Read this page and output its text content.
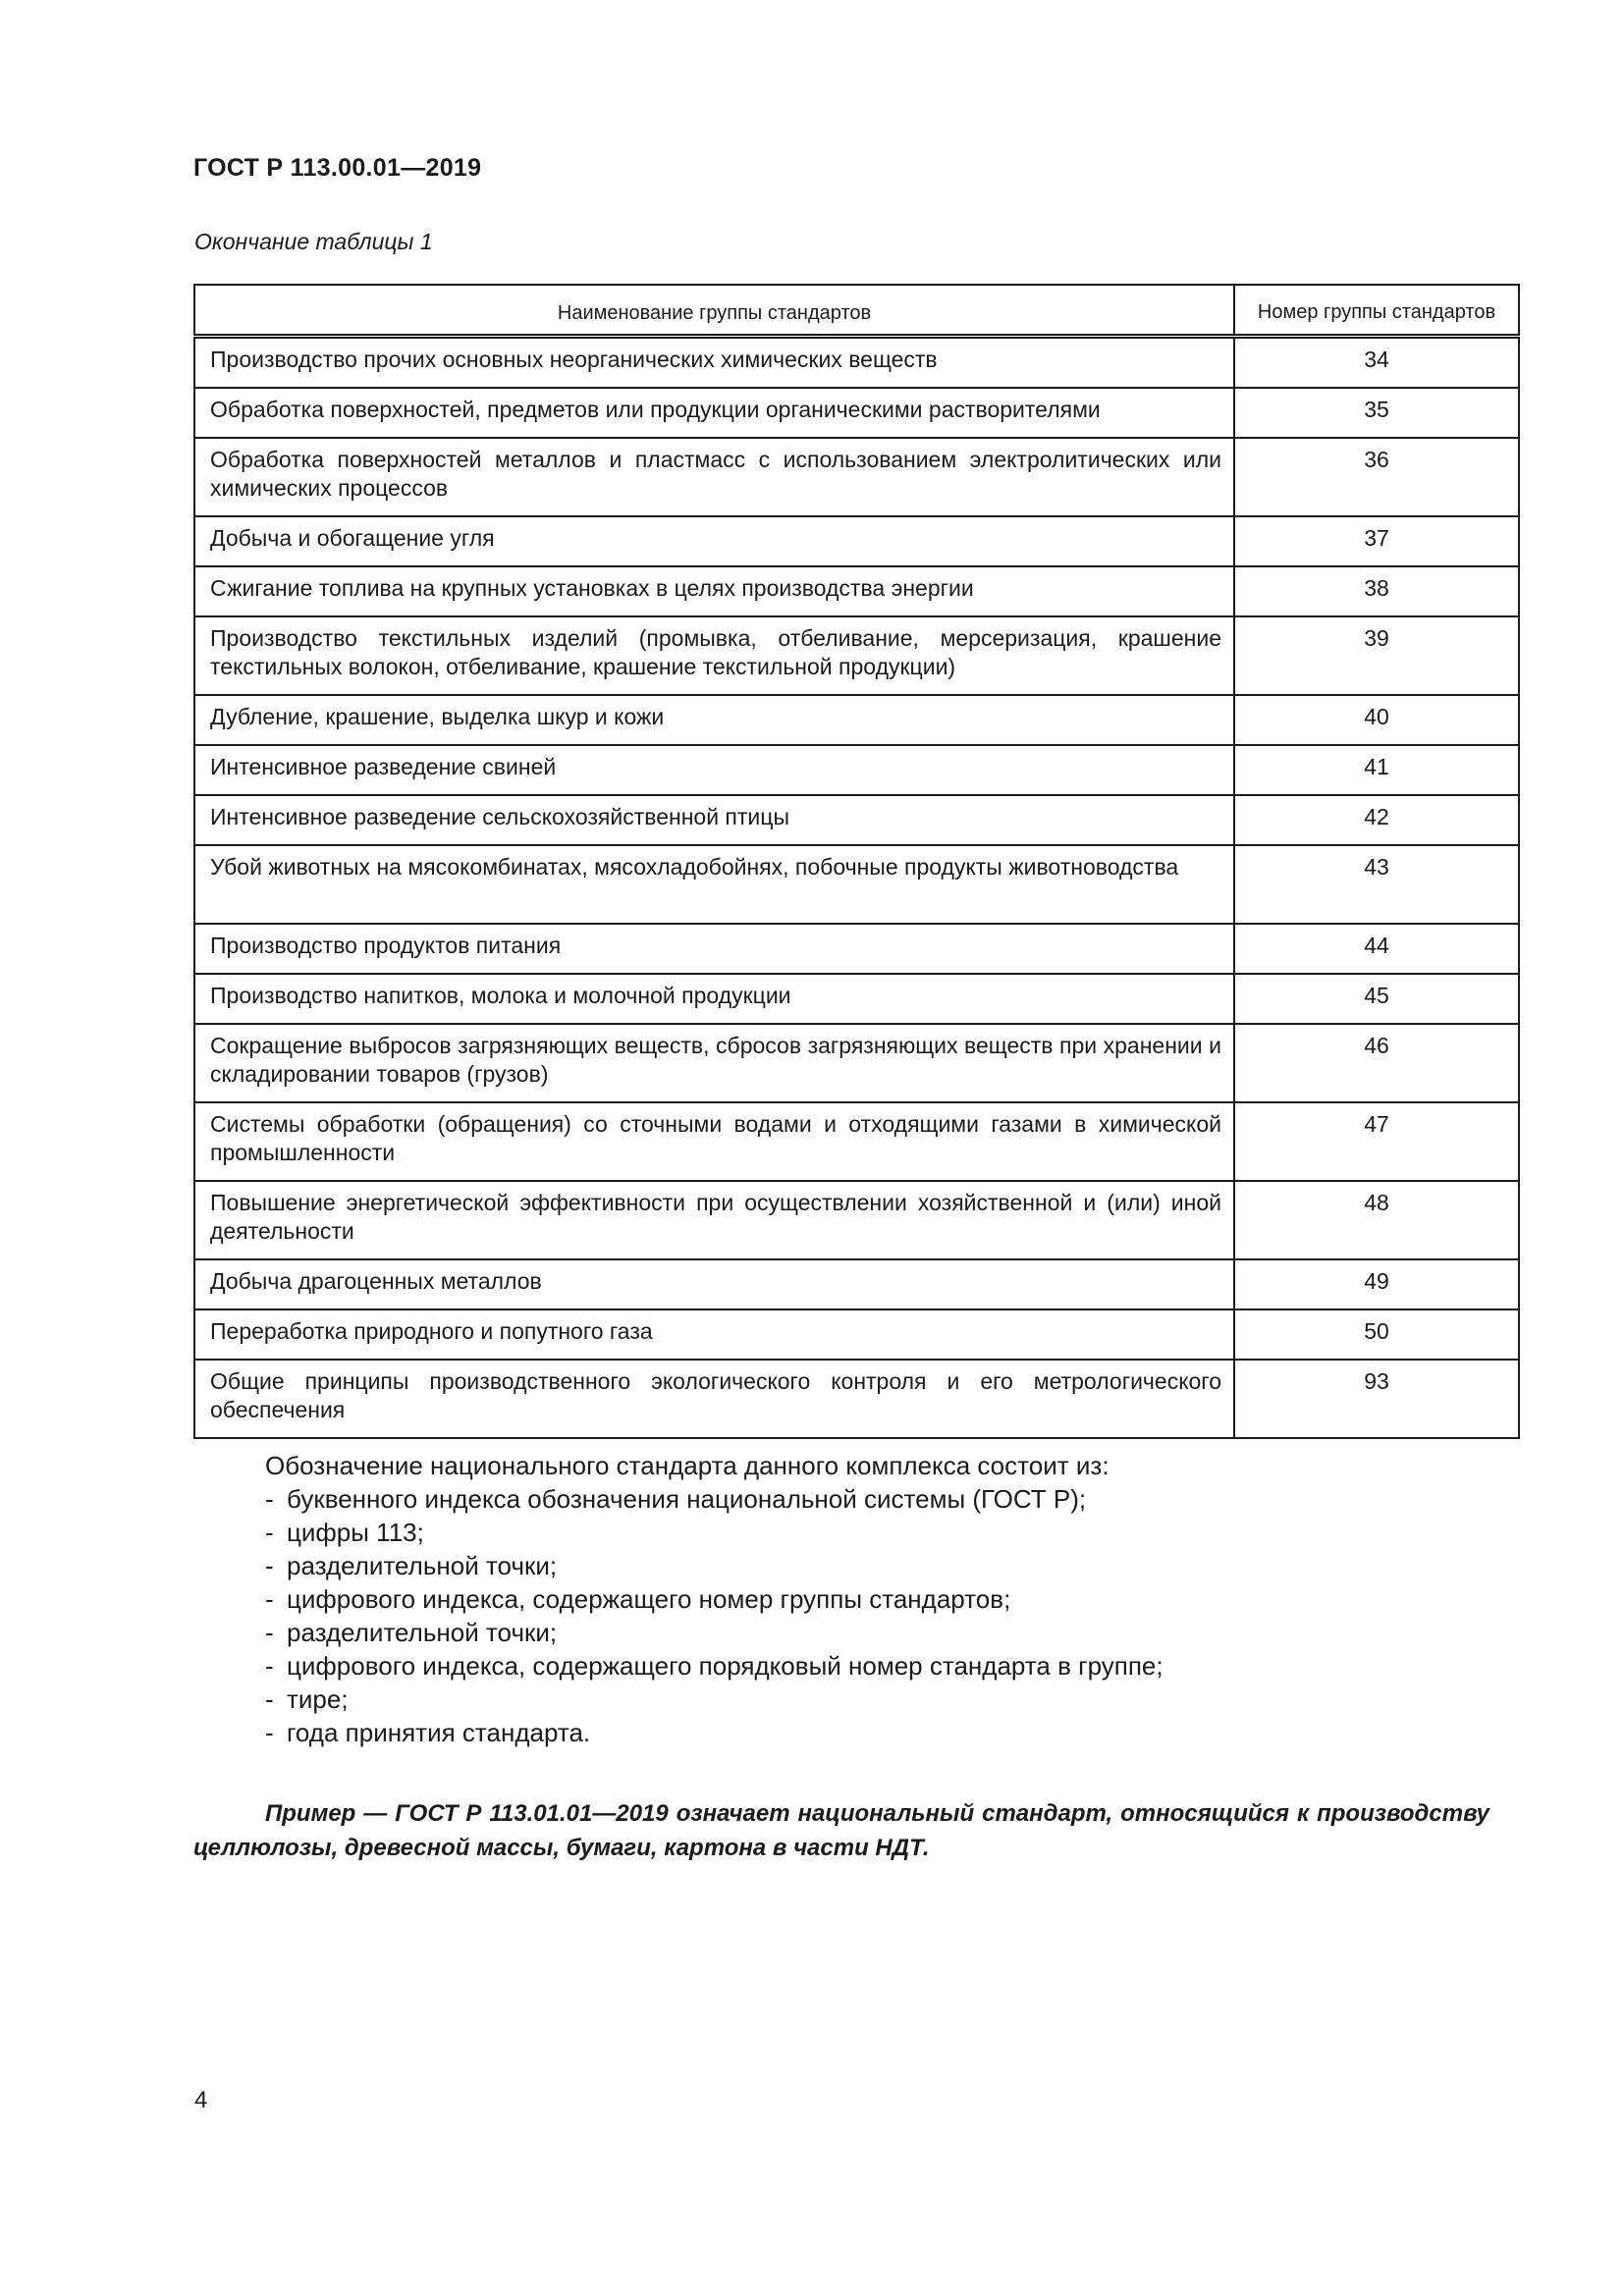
ГОСТ Р 113.00.01—2019
Окончание таблицы 1
Наименование группы стандартов	Номер группы стандартов
Производство прочих основных неорганических химических веществ	34
Обработка поверхностей, предметов или продукции органическими растворителями	35
Обработка поверхностей металлов и пластмасс с использованием электролитических или химических процессов	36
Добыча и обогащение угля	37
Сжигание топлива на крупных установках в целях производства энергии	38
Производство текстильных изделий (промывка, отбеливание, мерсеризация, крашение текстильных волокон, отбеливание, крашение текстильной продукции)	39
Дубление, крашение, выделка шкур и кожи	40
Интенсивное разведение свиней	41
Интенсивное разведение сельскохозяйственной птицы	42
Убой животных на мясокомбинатах, мясохладобойнях, побочные продукты животноводства	43
Производство продуктов питания	44
Производство напитков, молока и молочной продукции	45
Сокращение выбросов загрязняющих веществ, сбросов загрязняющих веществ при хранении и складировании товаров (грузов)	46
Системы обработки (обращения) со сточными водами и отходящими газами в химической промышленности	47
Повышение энергетической эффективности при осуществлении хозяйственной и (или) иной деятельности	48
Добыча драгоценных металлов	49
Переработка природного и попутного газа	50
Общие принципы производственного экологического контроля и его метрологического обеспечения	93
Обозначение национального стандарта данного комплекса состоит из:
- буквенного индекса обозначения национальной системы (ГОСТ Р);
- цифры 113;
- разделительной точки;
- цифрового индекса, содержащего номер группы стандартов;
- разделительной точки;
- цифрового индекса, содержащего порядковый номер стандарта в группе;
- тире;
- года принятия стандарта.

Пример — ГОСТ Р 113.01.01—2019 означает национальный стандарт, относящийся к производству целлюлозы, древесной массы, бумаги, картона в части НДТ.

4
